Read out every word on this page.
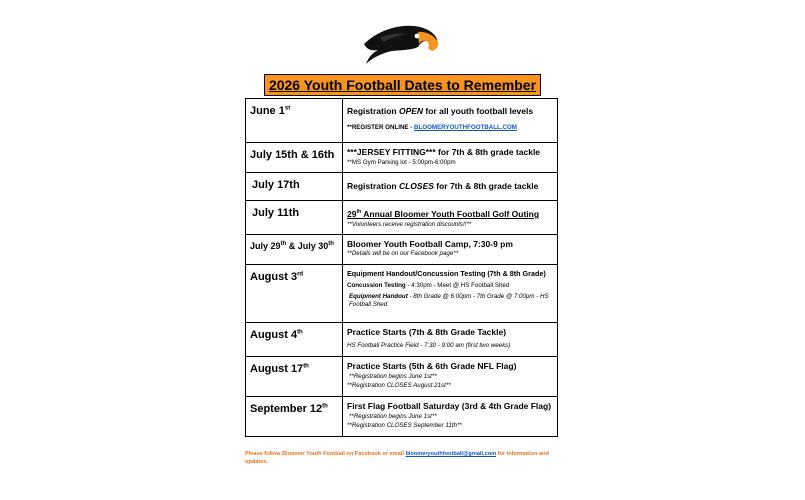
2026 Youth Football Dates to Remember
June 1st	Registration OPEN for all youth football levels
**REGISTER ONLINE - BLOOMERYOUTHFOOTBALL.COM

July 15th & 16th	***JERSEY FITTING*** for 7th & 8th grade tackle
**MS Gym Parking lot - 5:00pm-6:00pm

July 17th	Registration CLOSES for 7th & 8th grade tackle

July 11th	29th Annual Bloomer Youth Football Golf Outing
**Volunteers receive registration discounts!!**

July 29th & July 30th	Bloomer Youth Football Camp, 7:30-9 pm
**Details will be on our Facebook page**

August 3rd	Equipment Handout/Concussion Testing (7th & 8th Grade)
Concussion Testing - 4:30pm - Meet @ HS Football Shed
Equipment Handout - 8th Grade @ 6:00pm - 7th Grade @ 7:00pm - HS Football Shed

August 4th	Practice Starts (7th & 8th Grade Tackle)
HS Football Practice Field - 7:30 - 9:00 am (first two weeks)

August 17th	Practice Starts (5th & 6th Grade NFL Flag)
**Registration begins June 1st**
**Registration CLOSES August 21st**

September 12th	First Flag Football Saturday (3rd & 4th Grade Flag)
**Registration begins June 1st**
**Registration CLOSES September 11th**
Please follow Bloomer Youth Football on Facebook or email bloomeryouthfootball@gmail.com for information and updates.
